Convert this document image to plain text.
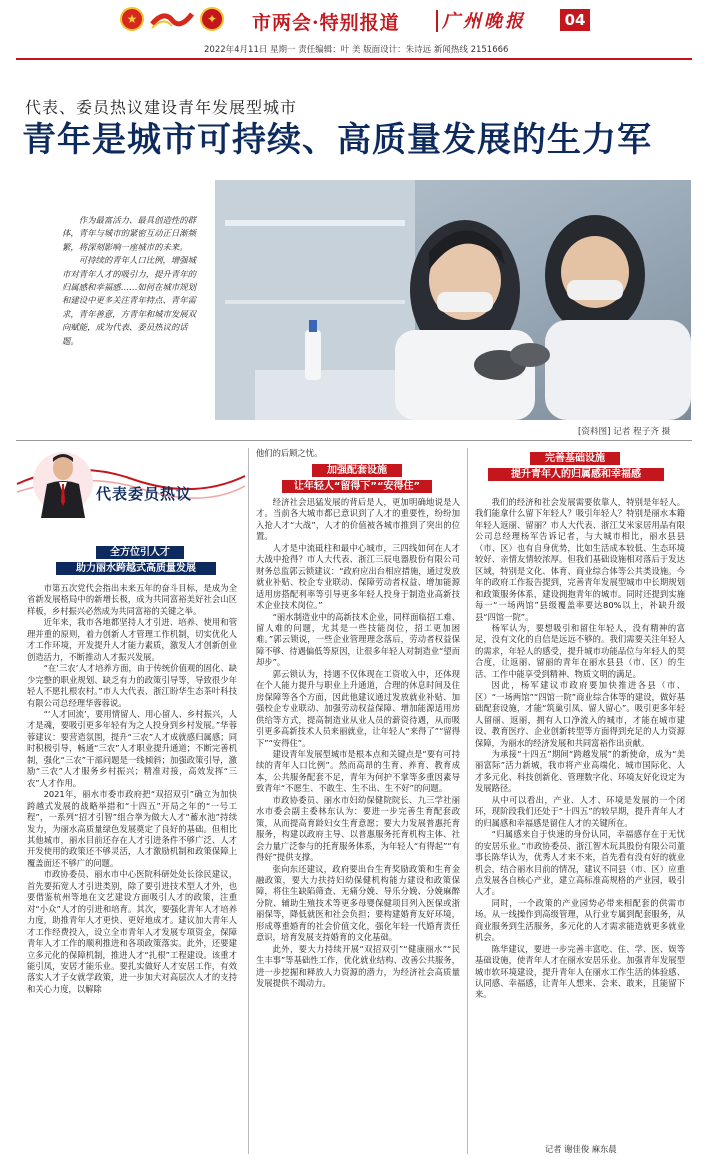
★	✦ 市两会·特别报道 广州晚报	04
2022年4月11日 星期一 责任编辑：叶 美 版面设计：朱诗远 新闻热线 2151666
代表、委员热议建设青年发展型城市
青年是城市可持续、高质量发展的生力军

作为最富活力、最具创造性的群体，青年与城市的紧密互动正日渐频繁，将深刻影响一座城市的未来。

可持续的青年人口比例，增强城市对青年人才的吸引力，提升青年的归属感和幸福感……如何在城市规划和建设中更多关注青年特点、青年需求，青年善意，方青年和城市发展双向赋能，成为代表、委员热议的话题。

[资料图] 记者 程子齐 摄
代表委员热议
全方位引人才
助力丽水跨越式高质量发展

市第五次党代会指出未来五年的奋斗目标，是成为全省新发展格局中的新增长极，成为共同富裕美好社会山区样板，乡村振兴必然成为共同富裕的关键之举。

近年来，我市各地都坚持人才引进、培养、使用和管理并重的原则，着力创新人才管理工作机制，切实优化人才工作环境，开发提升人才能力素质，激发人才创新创业创造活力，不断推动人才振兴发展。

“在‘三农’人才培养方面，由于传统价值观的固化、缺少完整的职业规划、缺乏有力的政策引导等，导致很少年轻人不愿扎根农村。”市人大代表、浙江盼华生态茶叶科技有限公司总经理华蓉蓉说。

“‘人才回流’，要用情留人、用心留人、乡村振兴，人才是魂，要吸引更多年轻有为之人投身到乡村发展。”华蓉蓉建议：要营造氛围，提升“三农”人才成就感归属感；同时积极引导，畅通“三农”人才职业提升通道；不断完善机制，强化“三农”干部问题是一线倾斜；加强政策引导，激励“三农”人才服务乡村振兴；精准对接，高效发挥“三农”人才作用。

2021年，丽水市委市政府把“双招双引”确立为加快跨越式发展的战略举措和“十四五”开局之年的“一号工程”，一系列“招才引智”组合拳为做大人才“蓄水池”持续发力，为丽水高质量绿色发展奠定了良好的基础。但相比其他城市，丽水目前还存在人才引进条件不够广泛、人才开发使用的政策还不够灵活，人才激励机制和政策保障上覆盖面还不够广的问题。

市政协委员、丽水市中心医院科研处处长徐民建议，首先要拓宽人才引进类别，除了要引进技术型人才外，也要借鉴杭州等地在文艺建设方面吸引人才的政策，注重对“小众”人才的引进和培育。其次，要强化青年人才培养力度，助推青年人才更快、更好地成才。建议加大青年人才工作经费投入，设立全市青年人才发展专项资金，保障青年人才工作的顺利推进和各项政策落实。此外，还要建立多元化的保障机制，推进人才“扎根”工程建设。该重才能引凤，安居才能乐业。要扎实做好人才安居工作，有效落实人才子女就学政策，进一步加大对高层次人才的支持和关心力度，以解除

他们的后顾之忧。
加强配套设施
让年轻人“留得下”“安得住”

经济社会迅猛发展的背后是人，更加明确地说是人才。当前各大城市都已意识到了人才的重要性，纷纷加入抢人才“大战”，人才的价值被各城市推到了突出的位置。

人才是中流砥柱和最中心城市，三四线如何在人才大战中抢得？市人大代表、浙江三辰电器股份有限公司财务总监郭云锁建议：“政府应出台相应措施，通过发放就业补贴、校企专业联动、保障劳动者权益、增加能源适用房搭配利率等引导更多年轻人投身于制造业高新技术企业技术岗位。”

“丽水制造业中的高新技术企业，同样面临招工难、留人难的问题，尤其是一些技能岗位，招工更加困难。”郭云锁说，一些企业管理理念落后，劳动者权益保障不够、待遇偏低等原因，让很多年轻人对制造业“望而却步”。

郭云锁认为，持遇不仅体现在工资收入中，还体现在个人能力提升与职业上升通道，合理的休息时间及住房保障等各个方面，因此他建议通过发放就业补贴、加强校企专业联动、加强劳动权益保障、增加能源适用房供给等方式，提高制造业从业人员的薪资待遇，从而吸引更多高新技术人员来丽就业，让年轻人“来得了”“留得下”“安得住”。

建设青年发展型城市是根本点和关键点是“要有可持续的青年人口比例”。然而高昂的生育、养育、教育成本，公共服务配套不足，青年为何护不掌等多重因素导致青年“不愿生、不敢生、生不出、生不好”的问题。

市政协委员、丽水市妇幼保健院院长、九三学社丽水市委会副主委林东认为：要进一步完善生育配套政策，从而提高育龄妇女生育意愿；要大力发展普惠托育服务，构建以政府主导、以普惠服务托育机构主体、社会力量广泛参与的托育服务体系，为年轻人“有得起”“有得好”提供支撑。

张向东还建议，政府要出台生育奖励政策和生育金融政策，要大力扶持妇幼保健机构能力建设和政策保障，将住生缺陷筛查、无痛分娩、导乐分娩、分娩麻醉分院、辅助生殖技术等更多母婴保健项目列入医保或浙丽保等，降低就医和社会负担；要构建婚育友好环境，形成尊重婚育的社会价值文化，强化年轻一代婚育责任意识，培育发展支持婚育的文化基础。

此外，要大力持续开展“双招双引”“健康丽水”“民生丰事”等基础性工作，优化就业结构、改善公共服务，进一步挖掘和释放人力资源的潜力，为经济社会高质量发展提供不竭动力。

完善基础设施
提升青年人的归属感和幸福感

我们的经济和社会发展需要依靠人，特别是年轻人。我们能拿什么留下年轻人？吸引年轻人？特别是丽水本籍年轻人返丽、留丽？市人大代表、浙江艾米家居用品有限公司总经理杨军告诉记者，与大城市相比，丽水县县（市、区）也有自身优势，比如生活成本较低、生态环境较好、亲情友情较浓厚。但我们基础设施相对落后于发达区域，特别是文化、体育、商业综合体等公共类设施。今年的政府工作报告提到，完善青年发展型城市中长期规划和政策服务体系，建设拥抱青年的城市。同时还提到实施每一“一场两馆”县级覆盖率要达80%以上，补缺升级县“四馆一院”。

杨军认为，要想吸引和留住年轻人，没有精神的富足，没有文化的自信是远远不够的。我们需要关注年轻人的需求，年轻人的感受，提升城市功能品位与年轻人的契合度，让返丽、留丽的青年在丽水县县（市、区）的生活、工作中能享受到精神、物质文明的满足。

因此，杨军建议市政府要加快推进各县（市、区）“一场两馆”“四馆一院”商业综合体等的建设，做好基础配套设施，才能“筑巢引凤、留人留心”。吸引更多年轻人留丽、返丽，拥有人口净流入的城市，才能在城市建设、教育医疗、企业创新转型等方面得到充足的人力资源保障，为丽水的经济发展和共同富裕作出贡献。

为承接“十四五”期间“跨越发展”的新使命，成为“美丽富际”活力新城，我市将产业高端化、城市国际化、人才多元化、科技创新化、管理数字化、环境友好化设定为发展路径。

从中可以看出，产业、人才、环境是发展的一个闭环，现阶段我们还处于“十四五”的较早期，提升青年人才的归属感和幸福感是留住人才的关键所在。

“归属感来自于快速的身份认同，幸福感存在于无忧的安居乐业。”市政协委员、浙江智木玩具股份有限公司董事长陈华认为，优秀人才来不来，首先看有没有好的就业机会，结合丽水目前的情况，建议不同县（市、区）应重点发展各自核心产业，建立高标准高规格的产业园，吸引人才。

同时，一个政策的产业园势必带来相配套的供需市场。从一线操作到高级管理，从行业专属到配套服务，从商业服务到生活服务，多元化的人才需求能造就更多就业机会。

陈华建议，要进一步完善丰富吃、住、学、医、娱等基础设施，使青年人才在丽水安居乐业。加强青年发展型城市软环境建设，提升青年人在丽水工作生活的体验感、认同感、幸福感，让青年人想来、会来、敢来，且能留下来。

记者 谢佳俊 麻东晨
